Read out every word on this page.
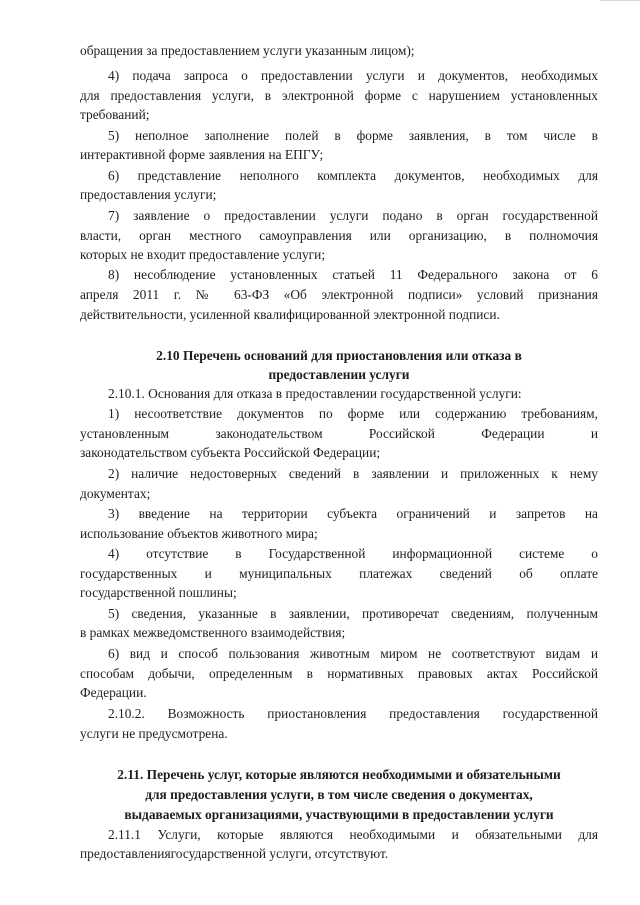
обращения за предоставлением услуги указанным лицом);
4) подача запроса о предоставлении услуги и документов, необходимых
для предоставления услуги, в электронной форме с нарушением установленных
требований;
5) неполное заполнение полей в форме заявления, в том числе в
интерактивной форме заявления на ЕПГУ;
6) представление неполного комплекта документов, необходимых для
предоставления услуги;
7) заявление о предоставлении услуги подано в орган государственной
власти, орган местного самоуправления или организацию, в полномочия
которых не входит предоставление услуги;
8) несоблюдение установленных статьей 11 Федерального закона от 6
апреля 2011 г. № 63-ФЗ «Об электронной подписи» условий признания
действительности, усиленной квалифицированной электронной подписи.
2.10 Перечень оснований для приостановления или отказа в
предоставлении услуги
2.10.1. Основания для отказа в предоставлении государственной услуги:
1) несоответствие документов по форме или содержанию требованиям,
установленным законодательством Российской Федерации и
законодательством субъекта Российской Федерации;
2) наличие недостоверных сведений в заявлении и приложенных к нему
документах;
3) введение на территории субъекта ограничений и запретов на
использование объектов животного мира;
4) отсутствие в Государственной информационной системе о
государственных и муниципальных платежах сведений об оплате
государственной пошлины;
5) сведения, указанные в заявлении, противоречат сведениям, полученным
в рамках межведомственного взаимодействия;
6) вид и способ пользования животным миром не соответствуют видам и
способам добычи, определенным в нормативных правовых актах Российской
Федерации.
2.10.2. Возможность приостановления предоставления государственной
услуги не предусмотрена.
2.11. Перечень услуг, которые являются необходимыми и обязательными
для предоставления услуги, в том числе сведения о документах,
выдаваемых организациями, участвующими в предоставлении услуги
2.11.1 Услуги, которые являются необходимыми и обязательными для
предоставлениягосударственной услуги, отсутствуют.
